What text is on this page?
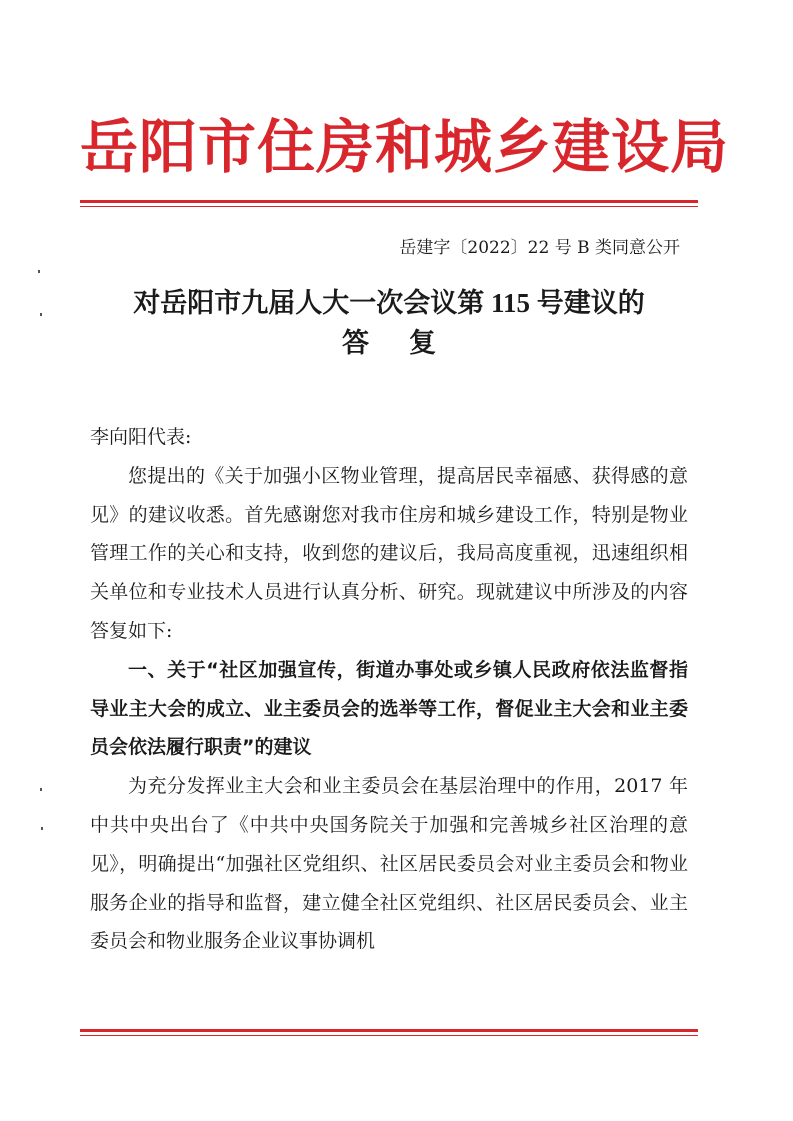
岳阳市住房和城乡建设局
岳建字〔2022〕22 号 B 类同意公开
对岳阳市九届人大一次会议第 115 号建议的
答复

李向阳代表:

您提出的《关于加强小区物业管理，提高居民幸福感、获得感的意见》的建议收悉。首先感谢您对我市住房和城乡建设工作，特别是物业管理工作的关心和支持，收到您的建议后，我局高度重视，迅速组织相关单位和专业技术人员进行认真分析、研究。现就建议中所涉及的内容答复如下:

一、关于“社区加强宣传，街道办事处或乡镇人民政府依法监督指导业主大会的成立、业主委员会的选举等工作，督促业主大会和业主委员会依法履行职责”的建议

为充分发挥业主大会和业主委员会在基层治理中的作用，2017 年中共中央出台了《中共中央国务院关于加强和完善城乡社区治理的意见》，明确提出“加强社区党组织、社区居民委员会对业主委员会和物业服务企业的指导和监督，建立健全社区党组织、社区居民委员会、业主委员会和物业服务企业议事协调机
